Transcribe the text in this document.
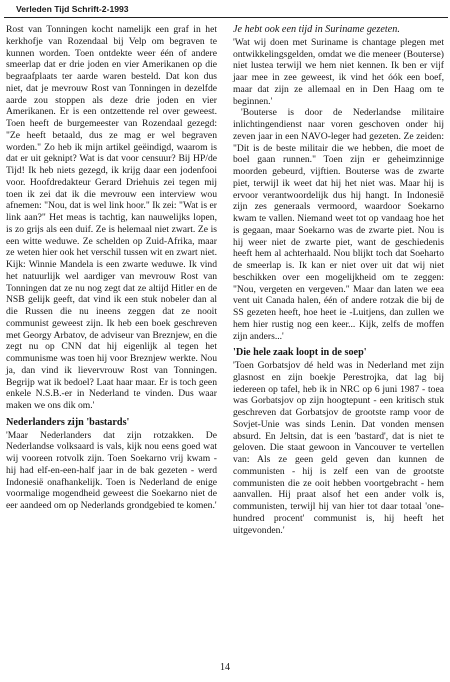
Verleden Tijd Schrift-2-1993

Rost van Tonningen kocht namelijk een graf in het kerkhofje van Rozendaal bij Velp om begraven te kunnen worden. Toen ontdekte weer één of andere smeerlap dat er drie joden en vier Amerikanen op die begraafplaats ter aarde waren besteld. Dat kon dus niet, dat je mevrouw Rost van Tonningen in dezelfde aarde zou stoppen als deze drie joden en vier Amerikanen. Er is een ontzettende rel over geweest. Toen heeft de burgemeester van Rozendaal gezegd: "Ze heeft betaald, dus ze mag er wel begraven worden." Zo heb ik mijn artikel geëindigd, waarom is dat er uit geknipt? Wat is dat voor censuur? Bij HP/de Tijd! Ik heb niets gezegd, ik krijg daar een jodenfooi voor. Hoofdredakteur Gerard Driehuis zei tegen mij toen ik zei dat ik die mevrouw een interview wou afnemen: "Nou, dat is wel link hoor." Ik zei: "Wat is er link aan?" Het meas is tachtig, kan nauwelijks lopen, is zo grijs als een duif. Ze is helemaal niet zwart. Ze is een witte weduwe. Ze schelden op Zuid-Afrika, maar ze weten hier ook het verschil tussen wit en zwart niet. Kijk: Winnie Mandela is een zwarte weduwe. Ik vind het natuurlijk wel aardiger van mevrouw Rost van Tonningen dat ze nu nog zegt dat ze altijd Hitler en de NSB gelijk geeft, dat vind ik een stuk nobeler dan al die Russen die nu ineens zeggen dat ze nooit communist geweest zijn. Ik heb een boek geschreven met Georgy Arbatov, de adviseur van Breznjew, en die zegt nu op CNN dat hij eigenlijk al tegen het communisme was toen hij voor Breznjew werkte. Nou ja, dan vind ik lievervrouw Rost van Tonningen. Begrijp wat ik bedoel? Laat haar maar. Er is toch geen enkele N.S.B.-er in Nederland te vinden. Dus waar maken we ons dik om.'

Nederlanders zijn 'bastards'

'Maar Nederlanders dat zijn rotzakken. De Nederlandse volksaard is vals, kijk nou eens goed wat wij vooreen rotvolk zijn. Toen Soekarno vrij kwam - hij had elf-en-een-half jaar in de bak gezeten - werd Indonesië onafhankelijk. Toen is Nederland de enige voormalige mogendheid geweest die Soekarno niet de eer aandeed om op Nederlands grondgebied te komen.'

Je hebt ook een tijd in Suriname gezeten.

'Wat wij doen met Suriname is chantage plegen met ontwikkelingsgelden, omdat we die meneer (Bouterse) niet lustea terwijl we hem niet kennen. Ik ben er vijf jaar mee in zee geweest, ik vind het óók een boef, maar dat zijn ze allemaal en in Den Haag om te beginnen.'

'Bouterse is door de Nederlandse militaire inlichtingendienst naar voren geschoven onder hij zeven jaar in een NAVO-leger had gezeten. Ze zeiden: "Dit is de beste militair die we hebben, die moet de boel gaan runnen." Toen zijn er geheimzinnige moorden gebeurd, vijftien. Bouterse was de zwarte piet, terwijl ik weet dat hij het niet was. Maar hij is ervoor verantwoordelijk dus hij hangt. In Indonesië zijn zes generaals vermoord, waardoor Soekarno kwam te vallen. Niemand weet tot op vandaag hoe het is gegaan, maar Soekarno was de zwarte piet. Nou is hij weer niet de zwarte piet, want de geschiedenis heeft hem al achterhaald. Nou blijkt toch dat Soeharto de smeerlap is. Ik kan er niet over uit dat wij niet beschikken over een mogelijkheid om te zeggen: "Nou, vergeten en vergeven." Maar dan laten we eea vent uit Canada halen, één of andere rotzak die bij de SS gezeten heeft, hoe heet ie -Luitjens, dan zullen we hem hier rustig nog een keer... Kijk, zelfs de moffen zijn anders...'

'Die hele zaak loopt in de soep'

'Toen Gorbatsjov dé held was in Nederland met zijn glasnost en zijn boekje Perestrojka, dat lag bij iedereen op tafel, heb ik in NRC op 6 juni 1987 - toea was Gorbatsjov op zijn hoogtepunt - een kritisch stuk geschreven dat Gorbatsjov de grootste ramp voor de Sovjet-Unie was sinds Lenin. Dat vonden mensen absurd. En Jeltsin, dat is een 'bastard', dat is niet te geloven. Die staat gewoon in Vancouver te vertellen van: Als ze geen geld geven dan kunnen de communisten - hij is zelf een van de grootste communisten die ze ooit hebben voortgebracht - hem aanvallen. Hij praat alsof het een ander volk is, communisten, terwijl hij van hier tot daar totaal 'one-hundred procent' communist is, hij heeft het uitgevonden.'

14
